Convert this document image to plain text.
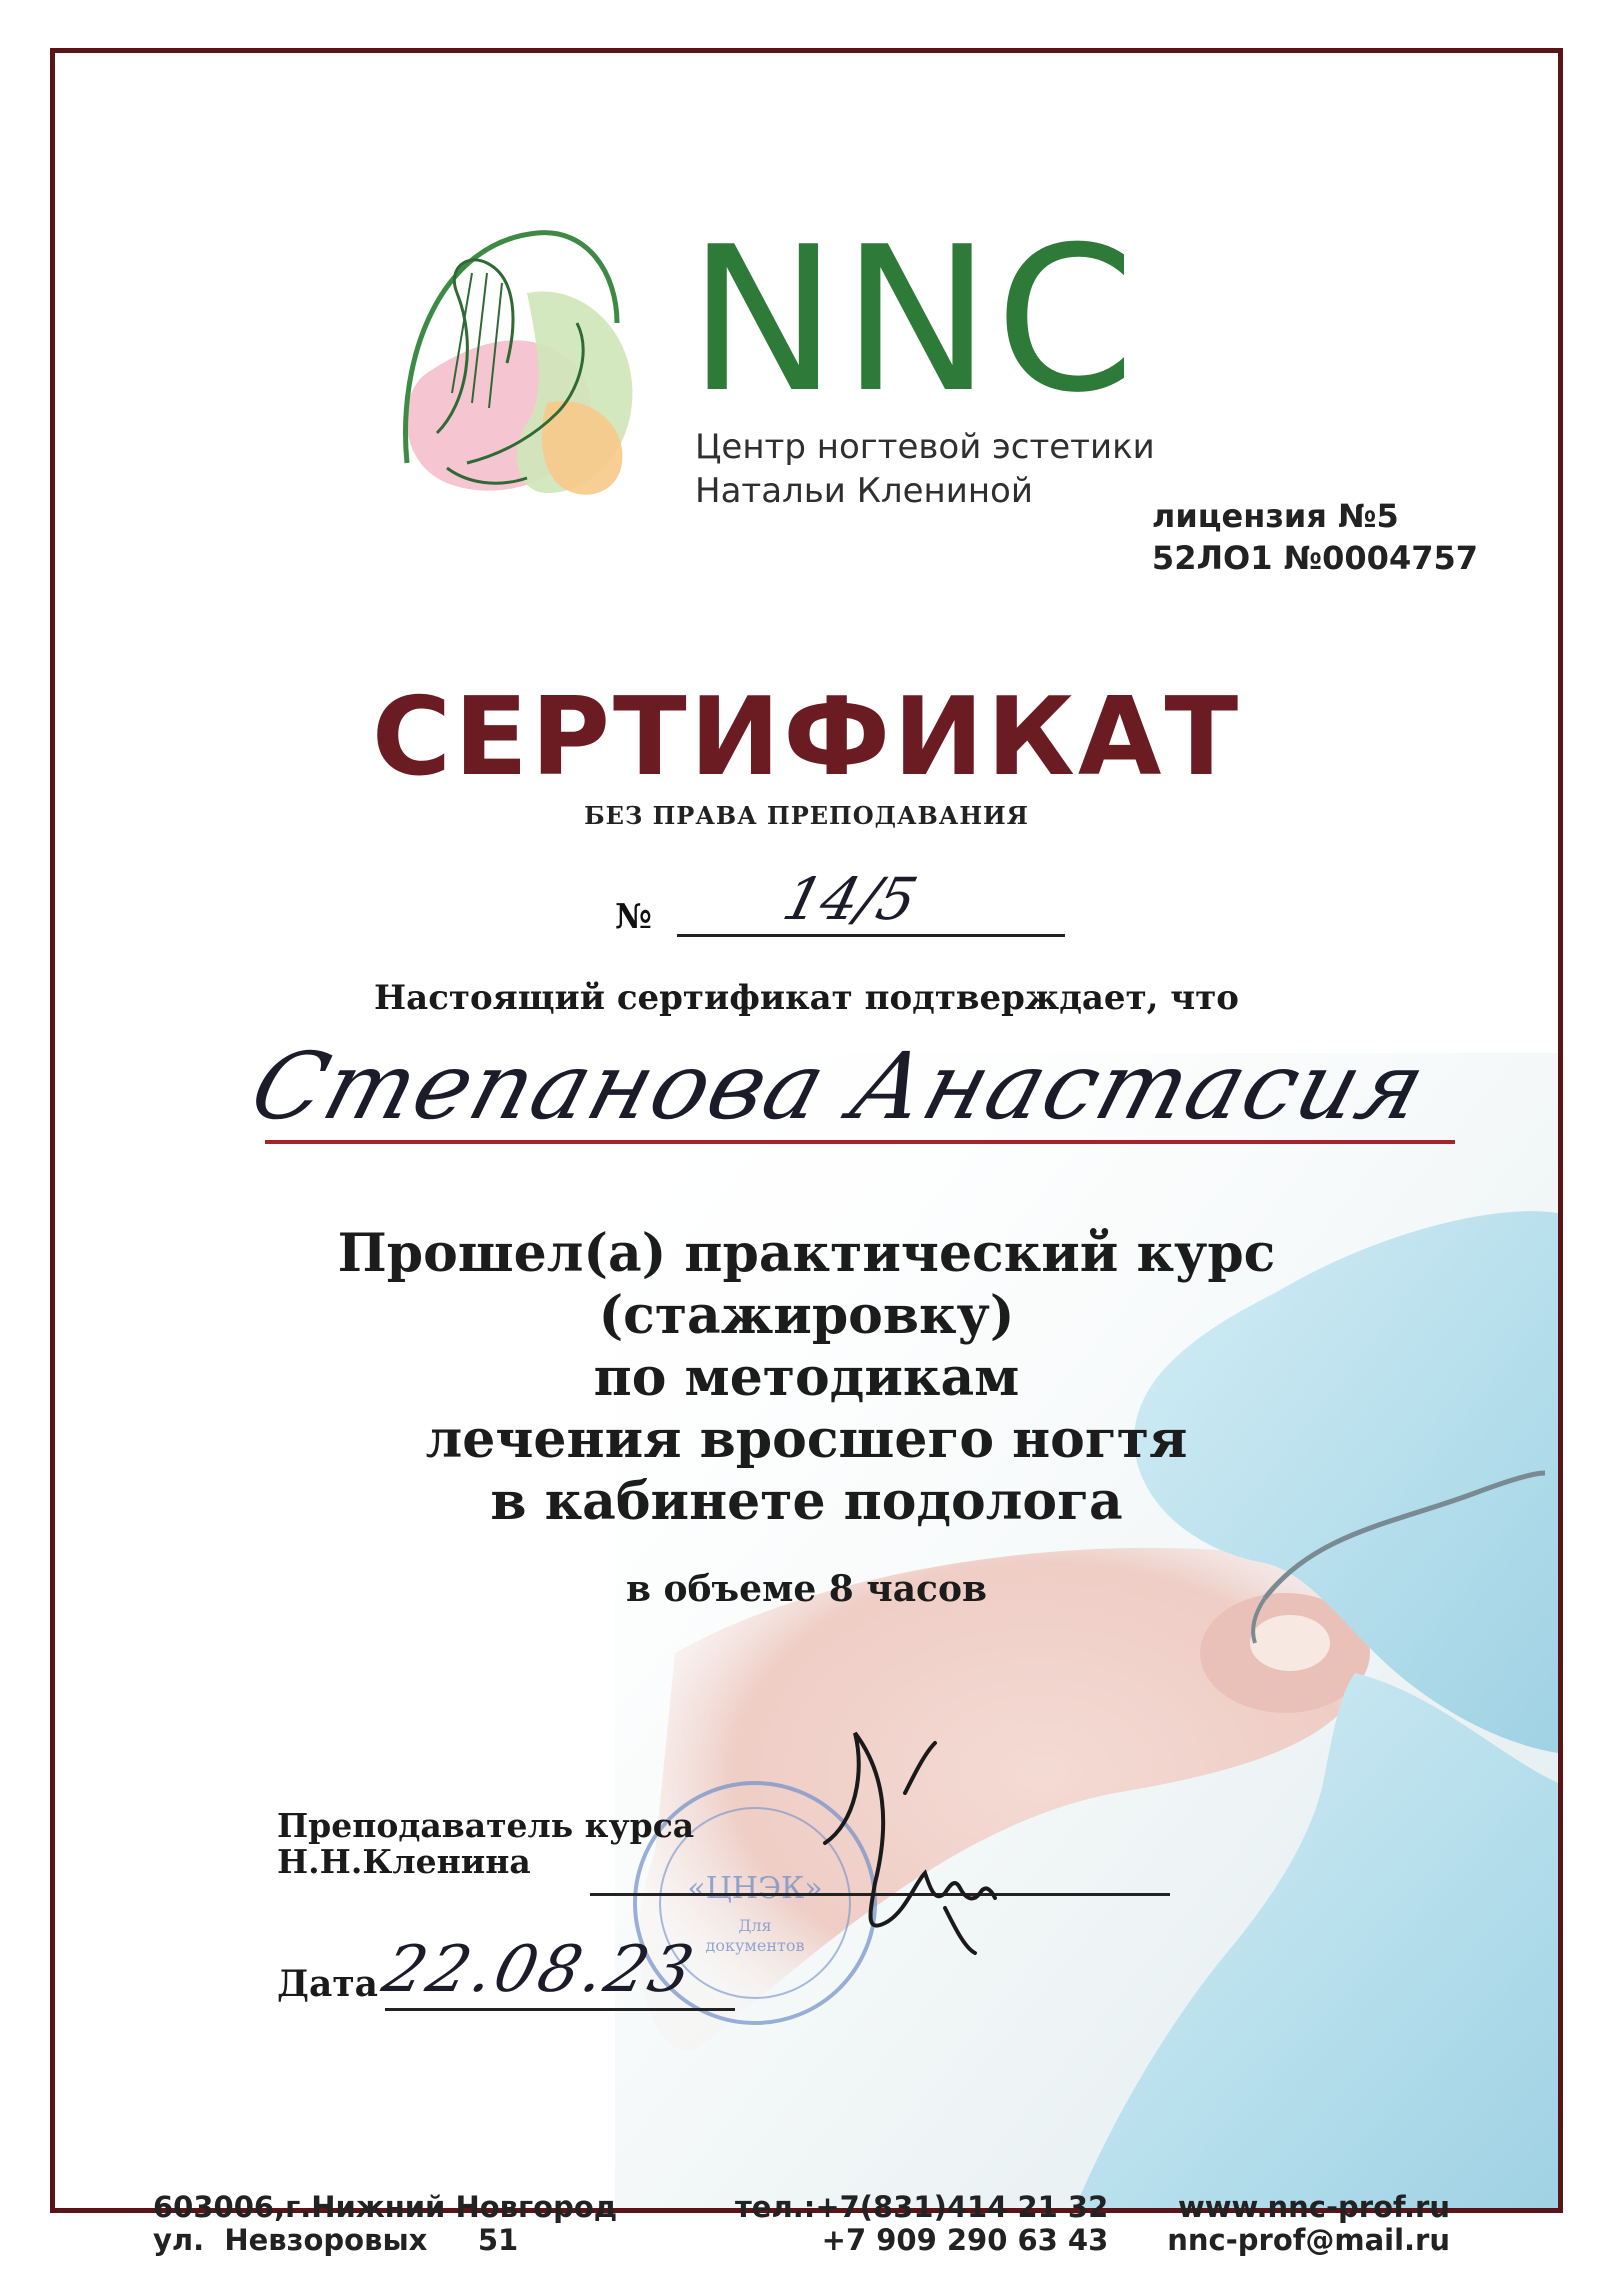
NNC
Центр ногтевой эстетики
Натальи Клениной
лицензия №5
52ЛО1 №0004757
СЕРТИФИКАТ
БЕЗ ПРАВА ПРЕПОДАВАНИЯ
№ 14/5
Настоящий сертификат подтверждает, что
Степанова Анастасия
Прошел(а) практический курс
(стажировку)
по методикам
лечения вросшего ногтя
в кабинете подолога
в объеме 8 часов
«ЦНЭК»
Для
документов
Преподаватель курса
Н.Н.Кленина
Дата
22.08.23
603006,г.Нижний Новгород
ул.  Невзоровых     51
тел.:+7(831)414 21 32
+7 909 290 63 43
www.nnc-prof.ru
nnc-prof@mail.ru
